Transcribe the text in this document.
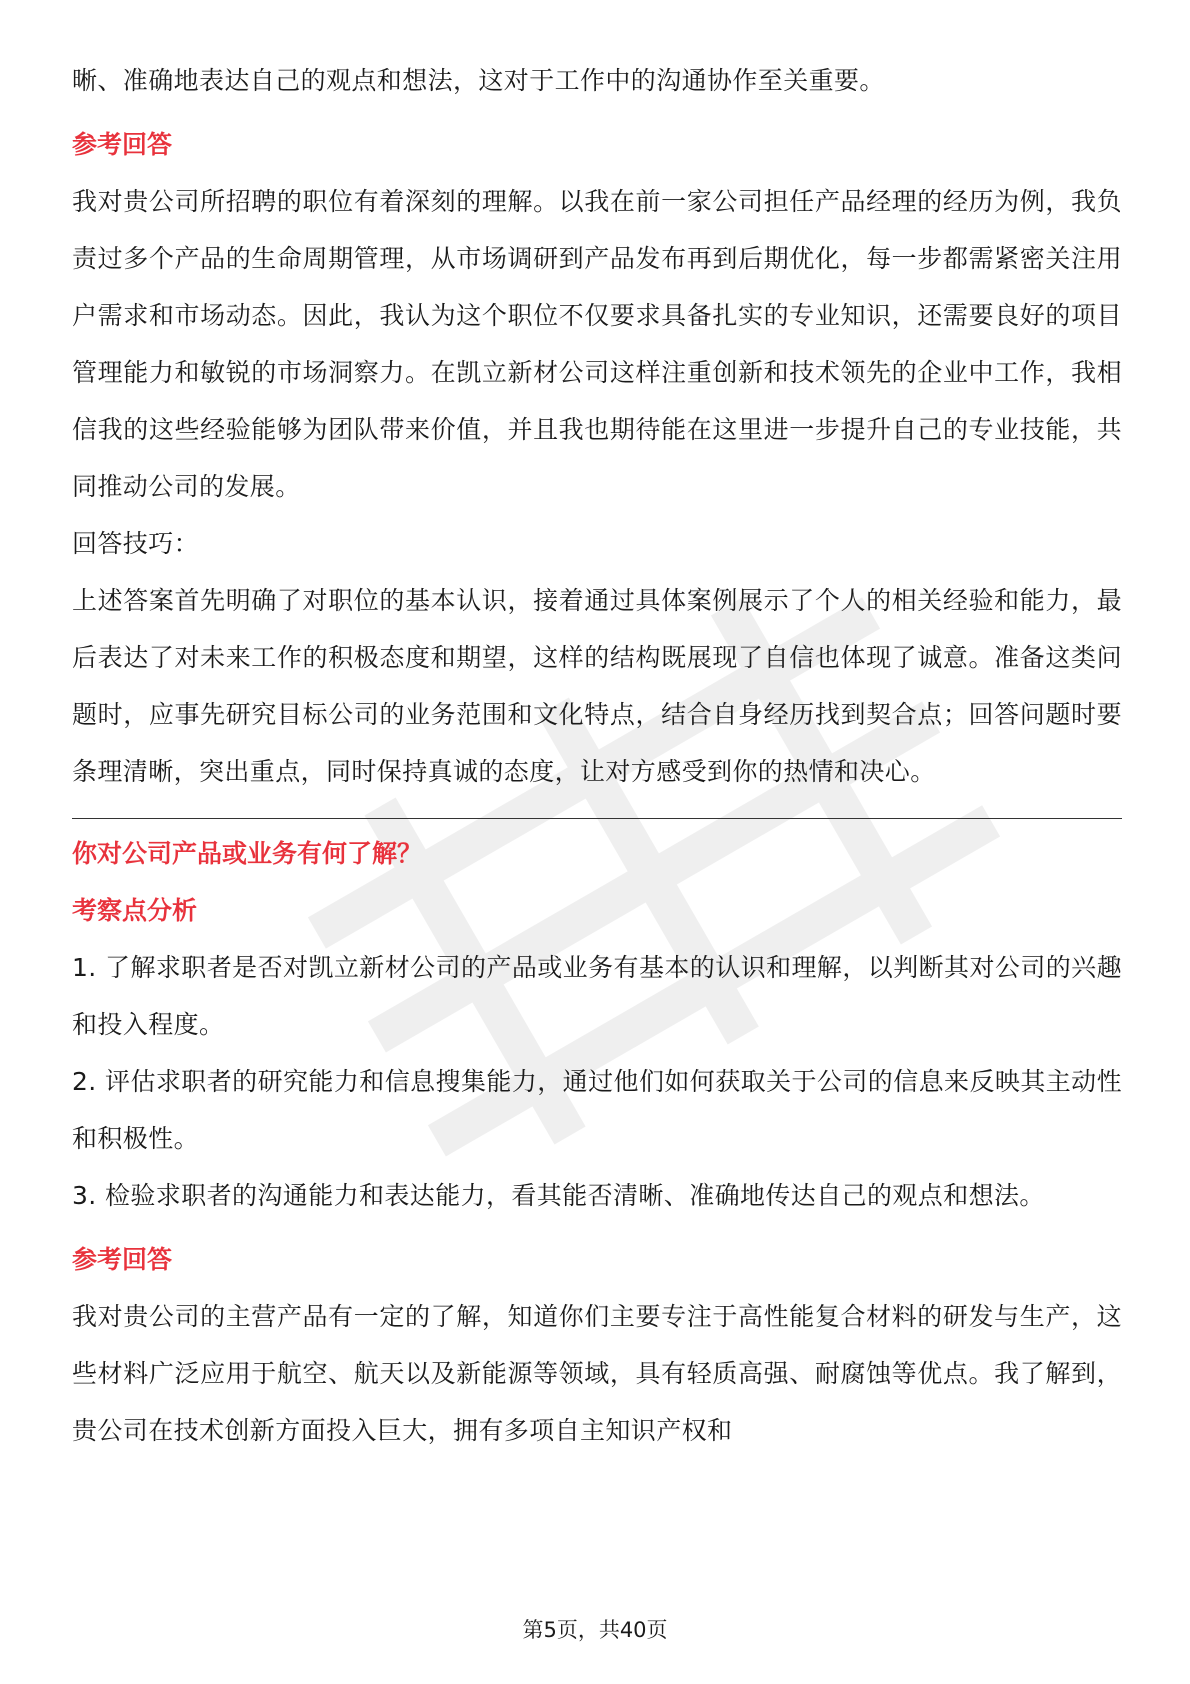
晰、准确地表达自己的观点和想法，这对于工作中的沟通协作至关重要。

参考回答

我对贵公司所招聘的职位有着深刻的理解。以我在前一家公司担任产品经理的经历为例，我负责过多个产品的生命周期管理，从市场调研到产品发布再到后期优化，每一步都需紧密关注用户需求和市场动态。因此，我认为这个职位不仅要求具备扎实的专业知识，还需要良好的项目管理能力和敏锐的市场洞察力。在凯立新材公司这样注重创新和技术领先的企业中工作，我相信我的这些经验能够为团队带来价值，并且我也期待能在这里进一步提升自己的专业技能，共同推动公司的发展。

回答技巧：

上述答案首先明确了对职位的基本认识，接着通过具体案例展示了个人的相关经验和能力，最后表达了对未来工作的积极态度和期望，这样的结构既展现了自信也体现了诚意。准备这类问题时，应事先研究目标公司的业务范围和文化特点，结合自身经历找到契合点；回答问题时要条理清晰，突出重点，同时保持真诚的态度，让对方感受到你的热情和决心。

你对公司产品或业务有何了解？

考察点分析

1. 了解求职者是否对凯立新材公司的产品或业务有基本的认识和理解，以判断其对公司的兴趣和投入程度。

2. 评估求职者的研究能力和信息搜集能力，通过他们如何获取关于公司的信息来反映其主动性和积极性。

3. 检验求职者的沟通能力和表达能力，看其能否清晰、准确地传达自己的观点和想法。

参考回答

我对贵公司的主营产品有一定的了解，知道你们主要专注于高性能复合材料的研发与生产，这些材料广泛应用于航空、航天以及新能源等领域，具有轻质高强、耐腐蚀等优点。我了解到，贵公司在技术创新方面投入巨大，拥有多项自主知识产权和

第5页，共40页
